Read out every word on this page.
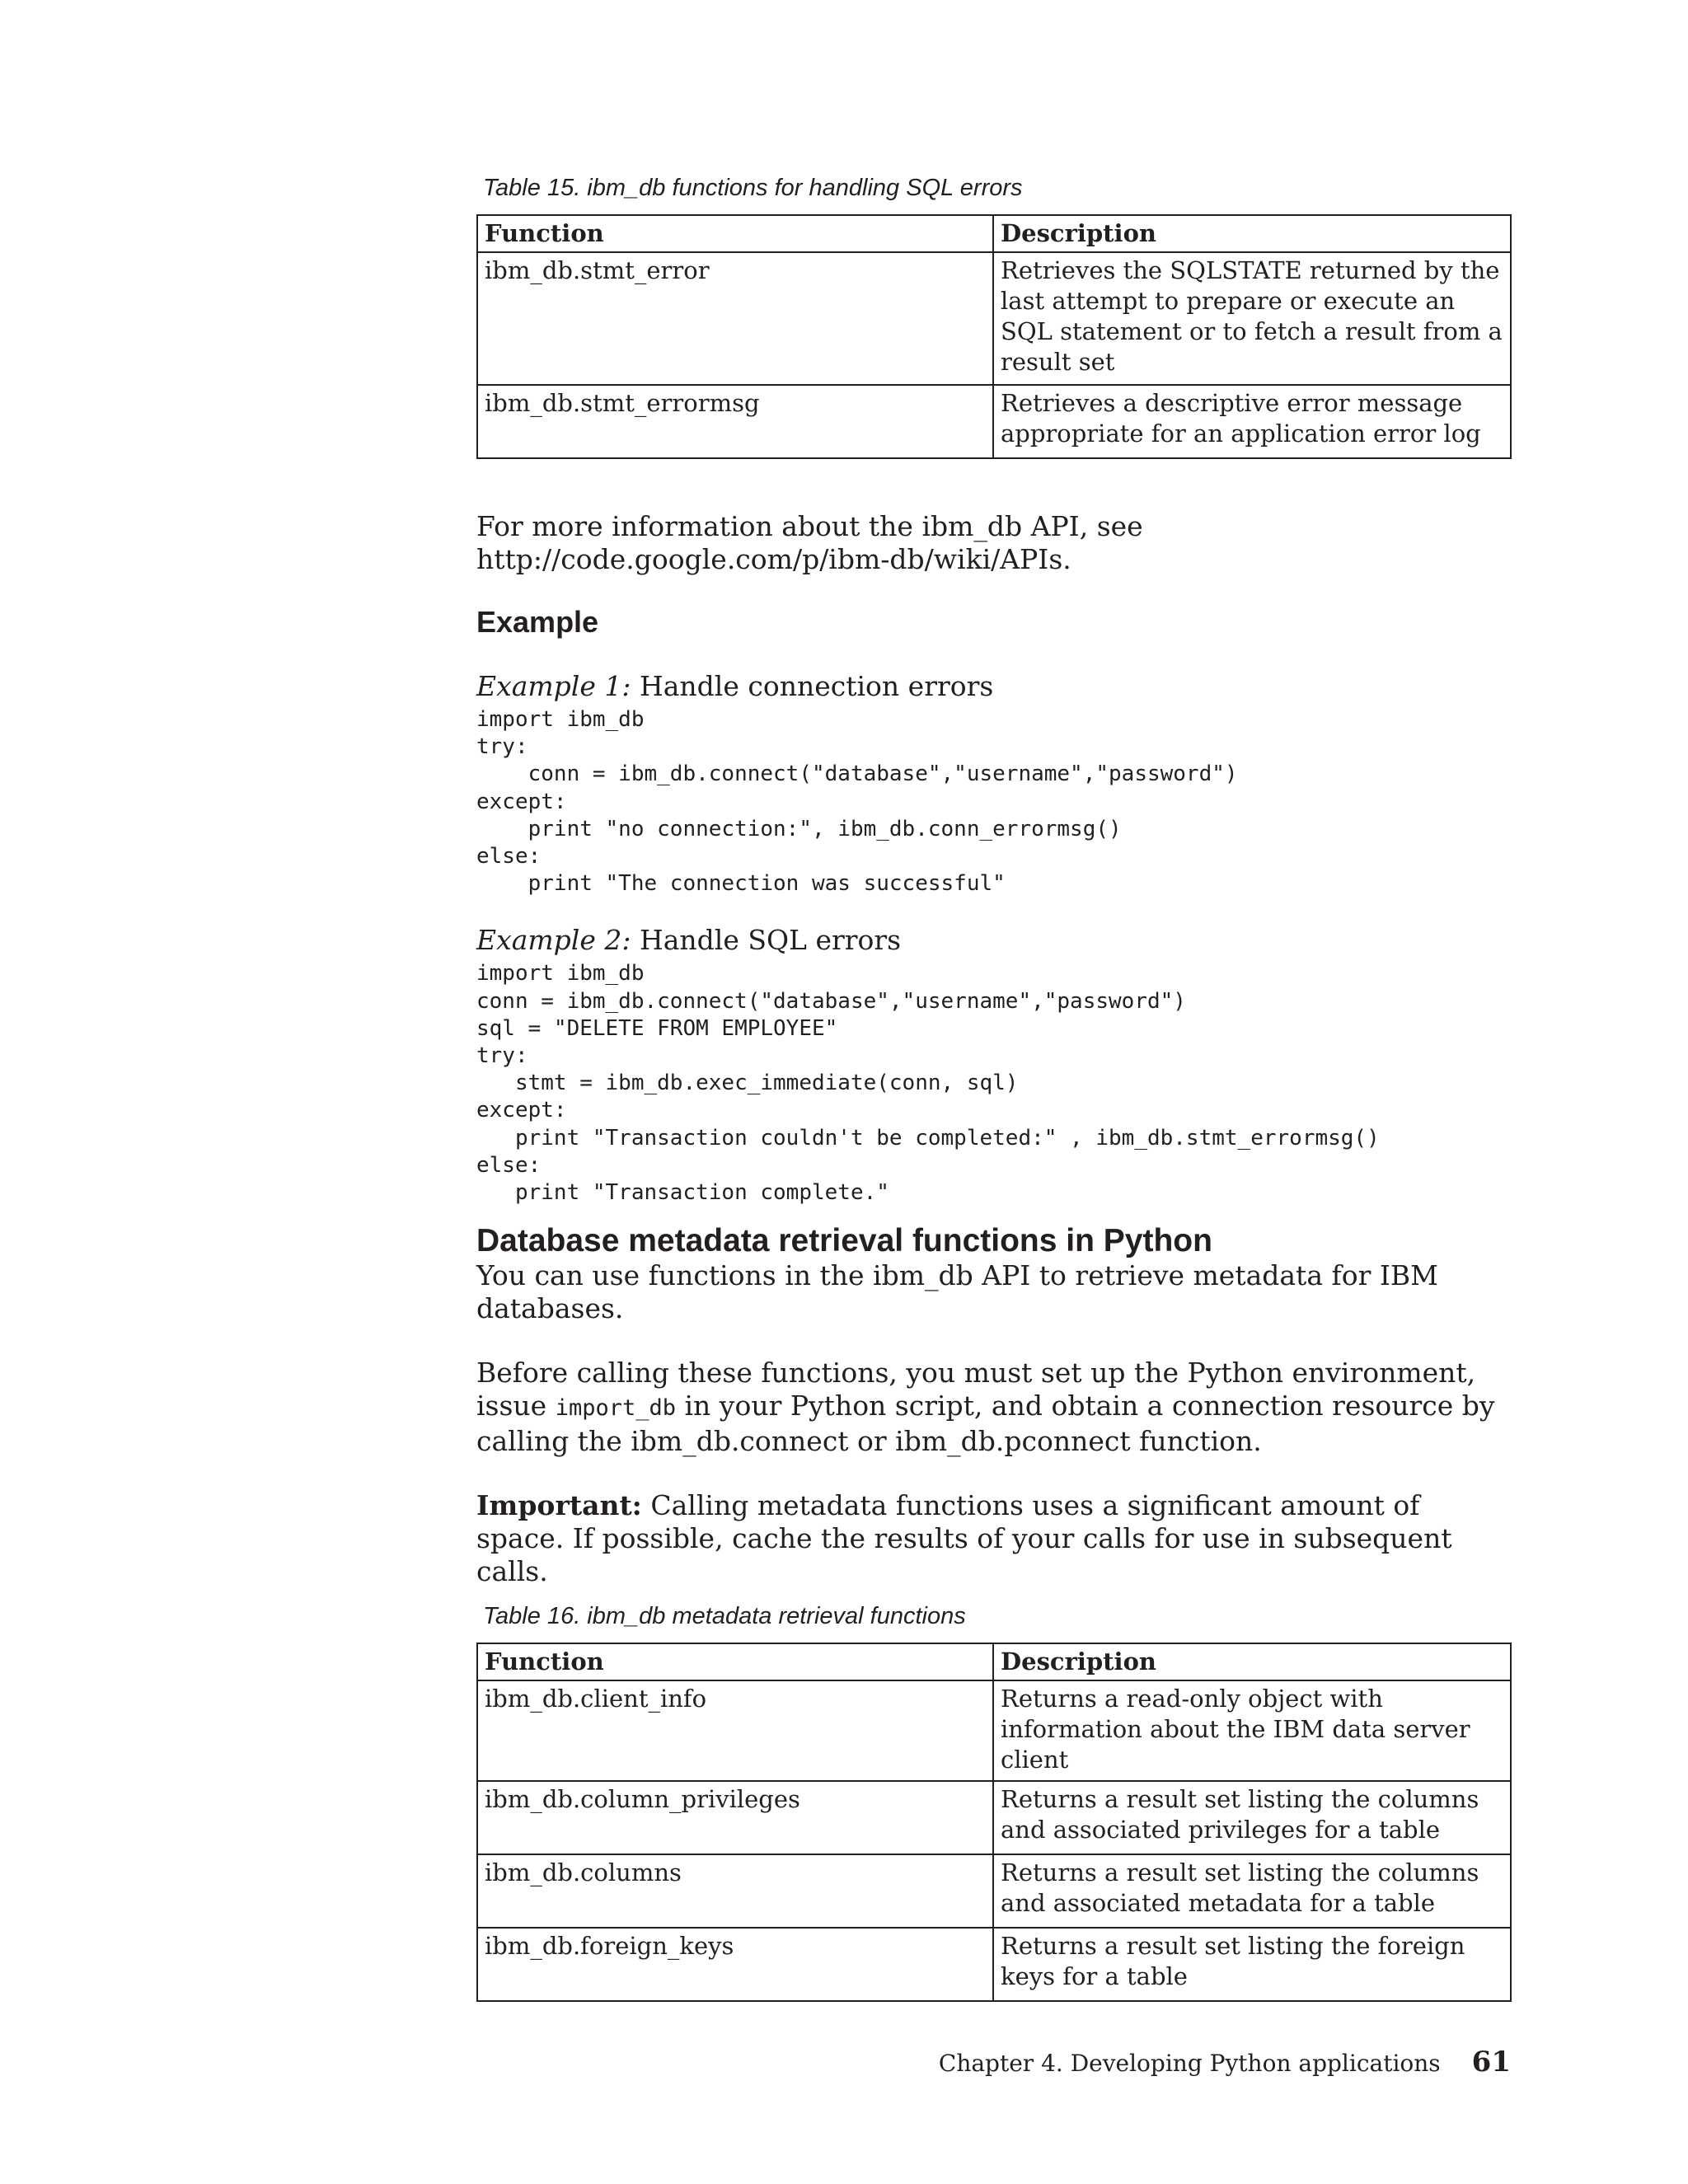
Table 15. ibm_db functions for handling SQL errors
Function	Description
ibm_db.stmt_error	Retrieves the SQLSTATE returned by the last attempt to prepare or execute an SQL statement or to fetch a result from a result set
ibm_db.stmt_errormsg	Retrieves a descriptive error message appropriate for an application error log

For more information about the ibm_db API, see http://code.google.com/p/ibm-db/wiki/APIs.

Example

Example 1: Handle connection errors

import ibm_db
try:
conn = ibm_db.connect("database","username","password")
except:
print "no connection:", ibm_db.conn_errormsg()
else:
print "The connection was successful"

Example 2: Handle SQL errors

import ibm_db
conn = ibm_db.connect("database","username","password")
sql = "DELETE FROM EMPLOYEE"
try:
stmt = ibm_db.exec_immediate(conn, sql)
except:
print "Transaction couldn't be completed:" , ibm_db.stmt_errormsg()
else:
print "Transaction complete."
Database metadata retrieval functions in Python

You can use functions in the ibm_db API to retrieve metadata for IBM databases.

Before calling these functions, you must set up the Python environment, issue import_db in your Python script, and obtain a connection resource by calling the ibm_db.connect or ibm_db.pconnect function.

Important: Calling metadata functions uses a significant amount of space. If possible, cache the results of your calls for use in subsequent calls.

Table 16. ibm_db metadata retrieval functions
Function	Description
ibm_db.client_info	Returns a read-only object with information about the IBM data server client
ibm_db.column_privileges	Returns a result set listing the columns and associated privileges for a table
ibm_db.columns	Returns a result set listing the columns and associated metadata for a table
ibm_db.foreign_keys	Returns a result set listing the foreign keys for a table
Chapter 4. Developing Python applications 61
